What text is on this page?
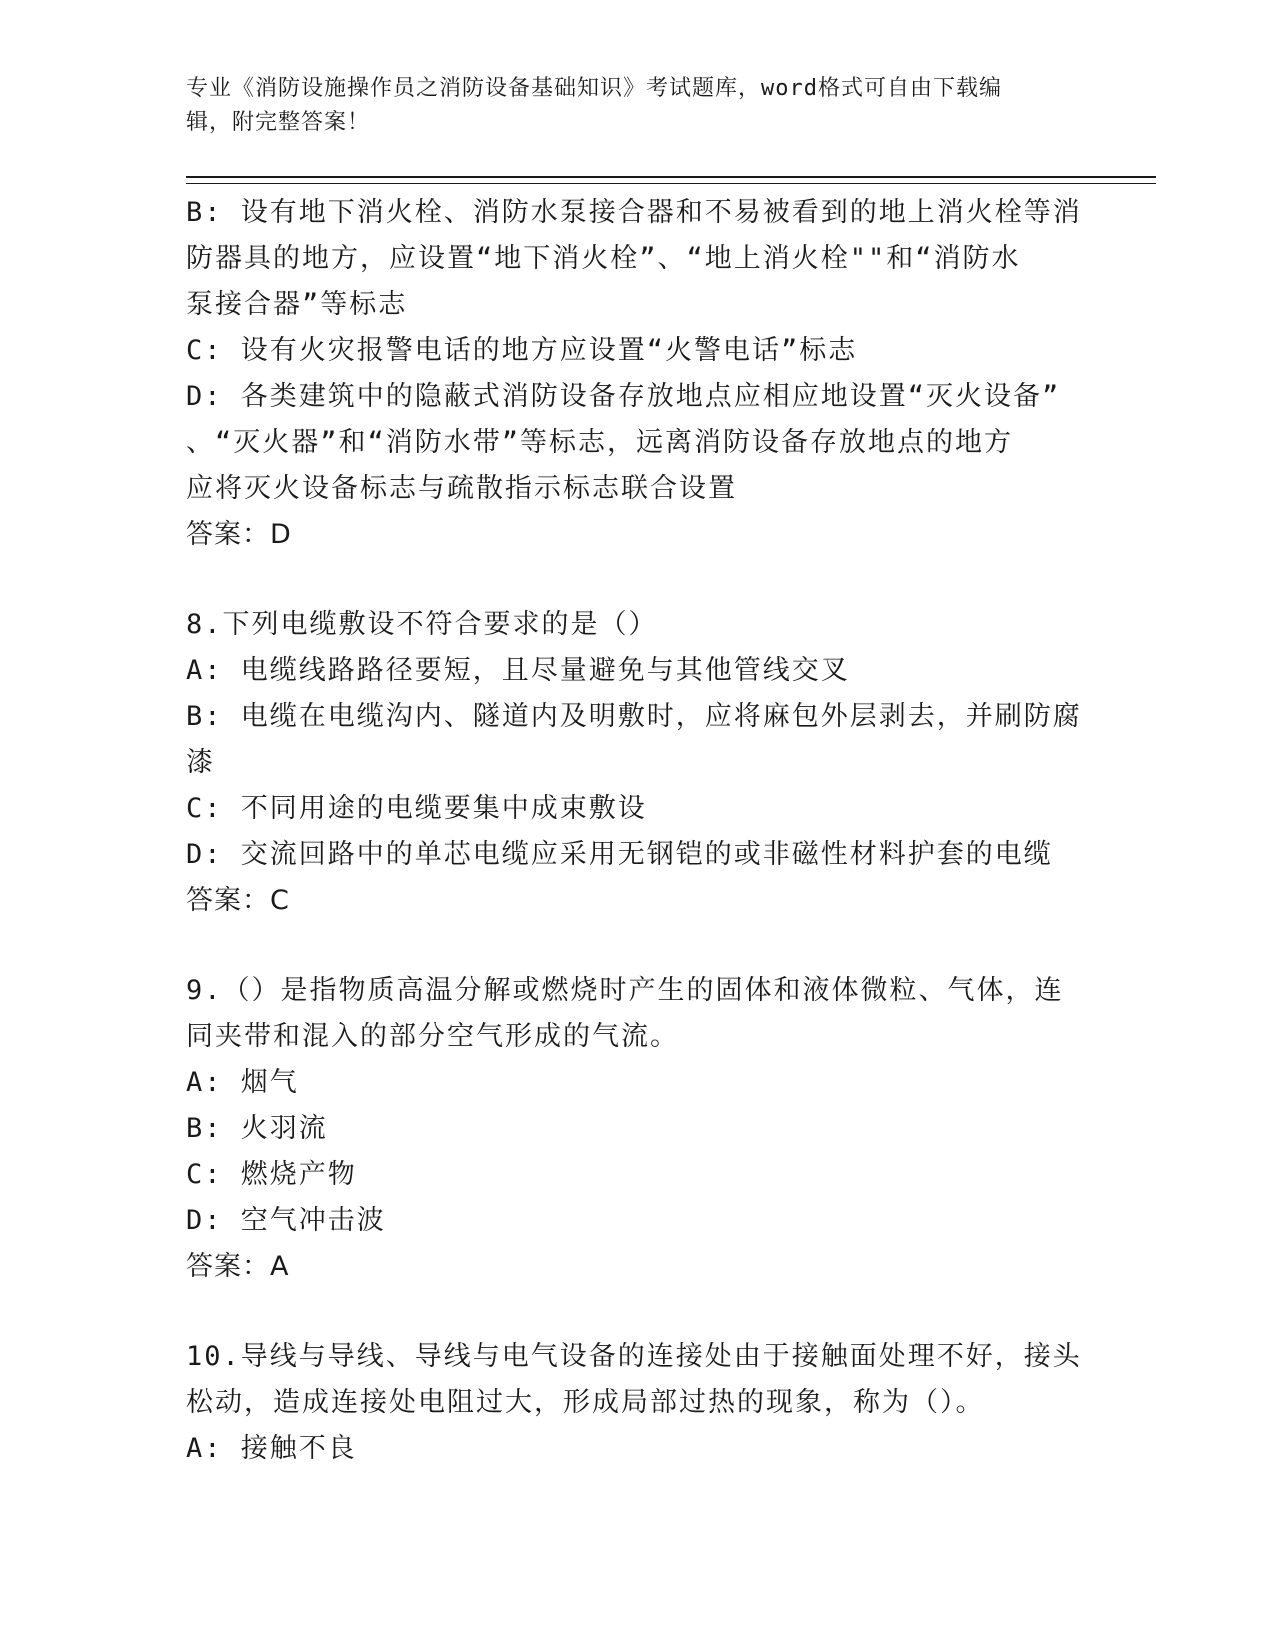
专业《消防设施操作员之消防设备基础知识》考试题库，word格式可自由下载编
辑，附完整答案！
B: 设有地下消火栓、消防水泵接合器和不易被看到的地上消火栓等消
防器具的地方，应设置“地下消火栓”、“地上消火栓""和“消防水
泵接合器”等标志
C: 设有火灾报警电话的地方应设置“火警电话”标志
D: 各类建筑中的隐蔽式消防设备存放地点应相应地设置“灭火设备”
、“灭火器”和“消防水带”等标志，远离消防设备存放地点的地方
应将灭火设备标志与疏散指示标志联合设置
答案：D
8.下列电缆敷设不符合要求的是（）
A: 电缆线路路径要短，且尽量避免与其他管线交叉
B: 电缆在电缆沟内、隧道内及明敷时，应将麻包外层剥去，并刷防腐
漆
C: 不同用途的电缆要集中成束敷设
D: 交流回路中的单芯电缆应采用无钢铠的或非磁性材料护套的电缆
答案：C
9.（）是指物质高温分解或燃烧时产生的固体和液体微粒、气体，连
同夹带和混入的部分空气形成的气流。
A: 烟气
B: 火羽流
C: 燃烧产物
D: 空气冲击波
答案：A
10.导线与导线、导线与电气设备的连接处由于接触面处理不好，接头
松动，造成连接处电阻过大，形成局部过热的现象，称为（）。
A: 接触不良
